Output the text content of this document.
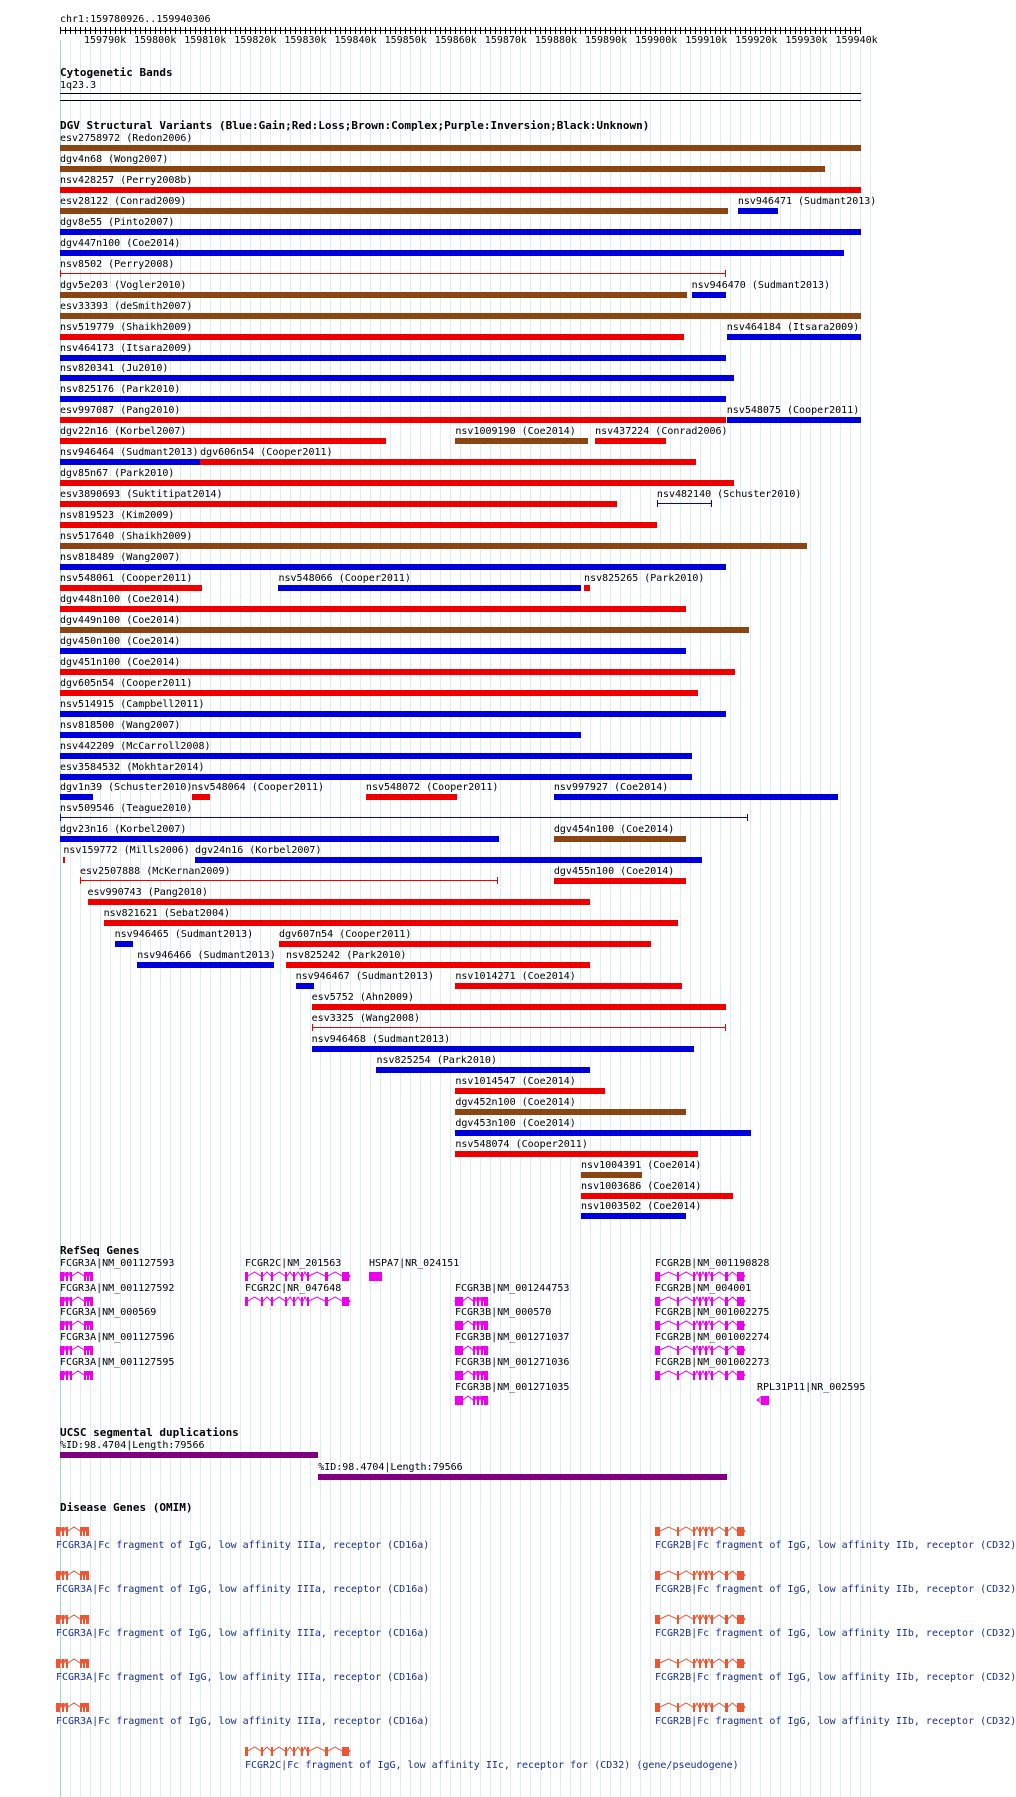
chr1:159780926..159940306
159790k 159800k 159810k 159820k 159830k 159840k 159850k 159860k 159870k 159880k 159890k 159900k 159910k 159920k 159930k 159940k
Cytogenetic Bands
1q23.3
DGV Structural Variants (Blue:Gain;Red:Loss;Brown:Complex;Purple:Inversion;Black:Unknown)
esv2758972 (Redon2006)
dgv4n68 (Wong2007)
nsv428257 (Perry2008b)
esv28122 (Conrad2009)	nsv946471 (Sudmant2013)
dgv8e55 (Pinto2007)
dgv447n100 (Coe2014)
nsv8502 (Perry2008)
dgv5e203 (Vogler2010)	nsv946470 (Sudmant2013)
esv33393 (deSmith2007)
nsv519779 (Shaikh2009)	nsv464184 (Itsara2009)
nsv464173 (Itsara2009)
nsv820341 (Ju2010)
nsv825176 (Park2010)
esv997087 (Pang2010)	nsv548075 (Cooper2011)
dgv22n16 (Korbel2007)	nsv1009190 (Coe2014) nsv437224 (Conrad2006)
nsv946464 (Sudmant2013) dgv606n54 (Cooper2011)
dgv85n67 (Park2010)
esv3890693 (Suktitipat2014)	nsv482140 (Schuster2010)
nsv819523 (Kim2009)
nsv517640 (Shaikh2009)
nsv818489 (Wang2007)
nsv548061 (Cooper2011)	nsv548066 (Cooper2011)	nsv825265 (Park2010)
dgv448n100 (Coe2014)
dgv449n100 (Coe2014)
dgv450n100 (Coe2014)
dgv451n100 (Coe2014)
dgv605n54 (Cooper2011)
nsv514915 (Campbell2011)
nsv818500 (Wang2007)
nsv442209 (McCarroll2008)
esv3584532 (Mokhtar2014)
dgv1n39 (Schuster2010) nsv548064 (Cooper2011)	nsv548072 (Cooper2011)	nsv997927 (Coe2014)
nsv509546 (Teague2010)
dgv23n16 (Korbel2007)	dgv454n100 (Coe2014)
nsv159772 (Mills2006) dgv24n16 (Korbel2007)
esv2507888 (McKernan2009)	dgv455n100 (Coe2014)
esv990743 (Pang2010)
nsv821621 (Sebat2004)
nsv946465 (Sudmant2013)	dgv607n54 (Cooper2011)
nsv946466 (Sudmant2013) nsv825242 (Park2010)
nsv946467 (Sudmant2013) nsv1014271 (Coe2014)
esv5752 (Ahn2009)
esv3325 (Wang2008)
nsv946468 (Sudmant2013)
nsv825254 (Park2010)
nsv1014547 (Coe2014)
dgv452n100 (Coe2014)
dgv453n100 (Coe2014)
nsv548074 (Cooper2011)
nsv1004391 (Coe2014)
nsv1003686 (Coe2014)
nsv1003502 (Coe2014)
RefSeq Genes
FCGR3A|NM_001127593	FCGR2C|NM_201563	HSPA7|NR_024151	FCGR2B|NM_001190828
FCGR3A|NM_001127592	FCGR2C|NR_047648	FCGR3B|NM_001244753	FCGR2B|NM_004001
FCGR3A|NM_000569	FCGR3B|NM_000570	FCGR2B|NM_001002275
FCGR3A|NM_001127596	FCGR3B|NM_001271037	FCGR2B|NM_001002274
FCGR3A|NM_001127595	FCGR3B|NM_001271036	FCGR2B|NM_001002273
FCGR3B|NM_001271035	RPL31P11|NR_002595
UCSC segmental duplications
%ID:98.4704|Length:79566
%ID:98.4704|Length:79566
Disease Genes (OMIM)
FCGR3A|Fc fragment of IgG, low affinity IIIa, receptor (CD16a)	FCGR2B|Fc fragment of IgG, low affinity IIb, receptor (CD32)
FCGR3A|Fc fragment of IgG, low affinity IIIa, receptor (CD16a)	FCGR2B|Fc fragment of IgG, low affinity IIb, receptor (CD32)
FCGR3A|Fc fragment of IgG, low affinity IIIa, receptor (CD16a)	FCGR2B|Fc fragment of IgG, low affinity IIb, receptor (CD32)
FCGR3A|Fc fragment of IgG, low affinity IIIa, receptor (CD16a)	FCGR2B|Fc fragment of IgG, low affinity IIb, receptor (CD32)
FCGR3A|Fc fragment of IgG, low affinity IIIa, receptor (CD16a)	FCGR2B|Fc fragment of IgG, low affinity IIb, receptor (CD32)
FCGR2C|Fc fragment of IgG, low affinity IIc, receptor for (CD32) (gene/pseudogene)
